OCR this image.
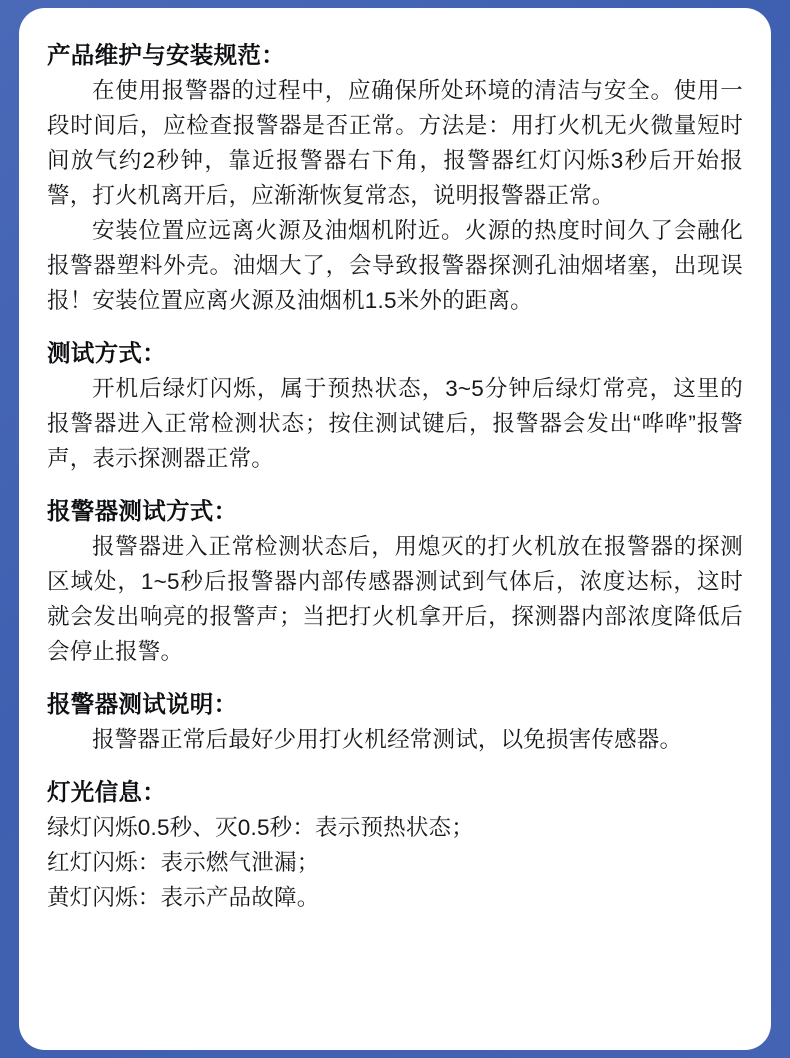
产品维护与安装规范：

在使用报警器的过程中，应确保所处环境的清洁与安全。使用一段时间后，应检查报警器是否正常。方法是：用打火机无火微量短时间放气约2秒钟，靠近报警器右下角，报警器红灯闪烁3秒后开始报警，打火机离开后，应渐渐恢复常态，说明报警器正常。

安装位置应远离火源及油烟机附近。火源的热度时间久了会融化报警器塑料外壳。油烟大了，会导致报警器探测孔油烟堵塞，出现误报！安装位置应离火源及油烟机1.5米外的距离。

测试方式：

开机后绿灯闪烁，属于预热状态，3~5分钟后绿灯常亮，这里的报警器进入正常检测状态；按住测试键后，报警器会发出“哗哗”报警声，表示探测器正常。

报警器测试方式：

报警器进入正常检测状态后，用熄灭的打火机放在报警器的探测区域处，1~5秒后报警器内部传感器测试到气体后，浓度达标，这时就会发出响亮的报警声；当把打火机拿开后，探测器内部浓度降低后会停止报警。

报警器测试说明：

报警器正常后最好少用打火机经常测试，以免损害传感器。

灯光信息：

绿灯闪烁0.5秒、灭0.5秒：表示预热状态；

红灯闪烁：表示燃气泄漏；

黄灯闪烁：表示产品故障。
